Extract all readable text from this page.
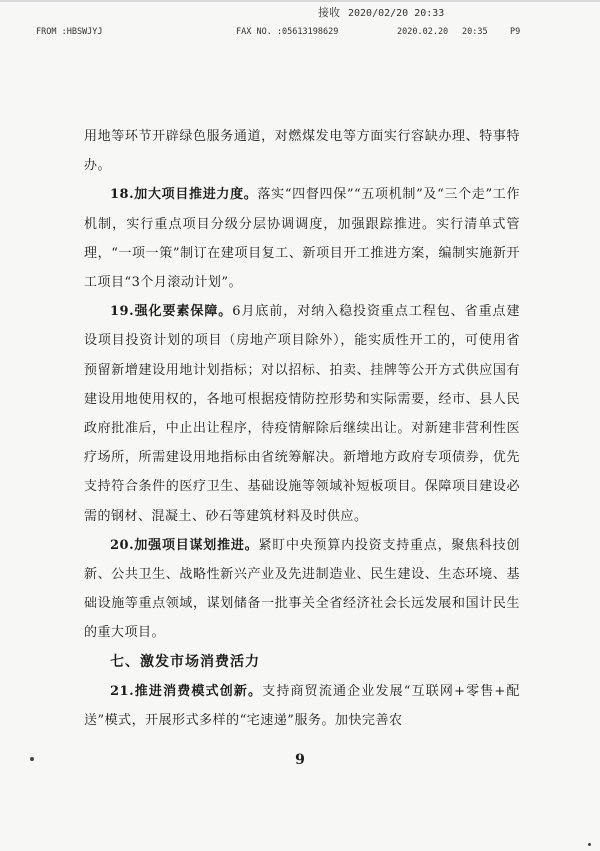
接收 2020/02/20 20:33
FROM :HBSWJYJ	FAX NO. :05613198629	2020.02.20 20:35	P9

用地等环节开辟绿色服务通道，对燃煤发电等方面实行容缺办理、特事特办。

18.加大项目推进力度。落实“四督四保”“五项机制”及“三个走”工作机制，实行重点项目分级分层协调调度，加强跟踪推进。实行清单式管理，“一项一策”制订在建项目复工、新项目开工推进方案，编制实施新开工项目“3个月滚动计划”。

19.强化要素保障。6月底前，对纳入稳投资重点工程包、省重点建设项目投资计划的项目（房地产项目除外），能实质性开工的，可使用省预留新增建设用地计划指标；对以招标、拍卖、挂牌等公开方式供应国有建设用地使用权的，各地可根据疫情防控形势和实际需要，经市、县人民政府批准后，中止出让程序，待疫情解除后继续出让。对新建非营利性医疗场所，所需建设用地指标由省统筹解决。新增地方政府专项债券，优先支持符合条件的医疗卫生、基础设施等领域补短板项目。保障项目建设必需的钢材、混凝土、砂石等建筑材料及时供应。

20.加强项目谋划推进。紧盯中央预算内投资支持重点，聚焦科技创新、公共卫生、战略性新兴产业及先进制造业、民生建设、生态环境、基础设施等重点领域，谋划储备一批事关全省经济社会长远发展和国计民生的重大项目。

七、激发市场消费活力

21.推进消费模式创新。支持商贸流通企业发展“互联网+零售+配送”模式，开展形式多样的“宅速递”服务。加快完善农

9
